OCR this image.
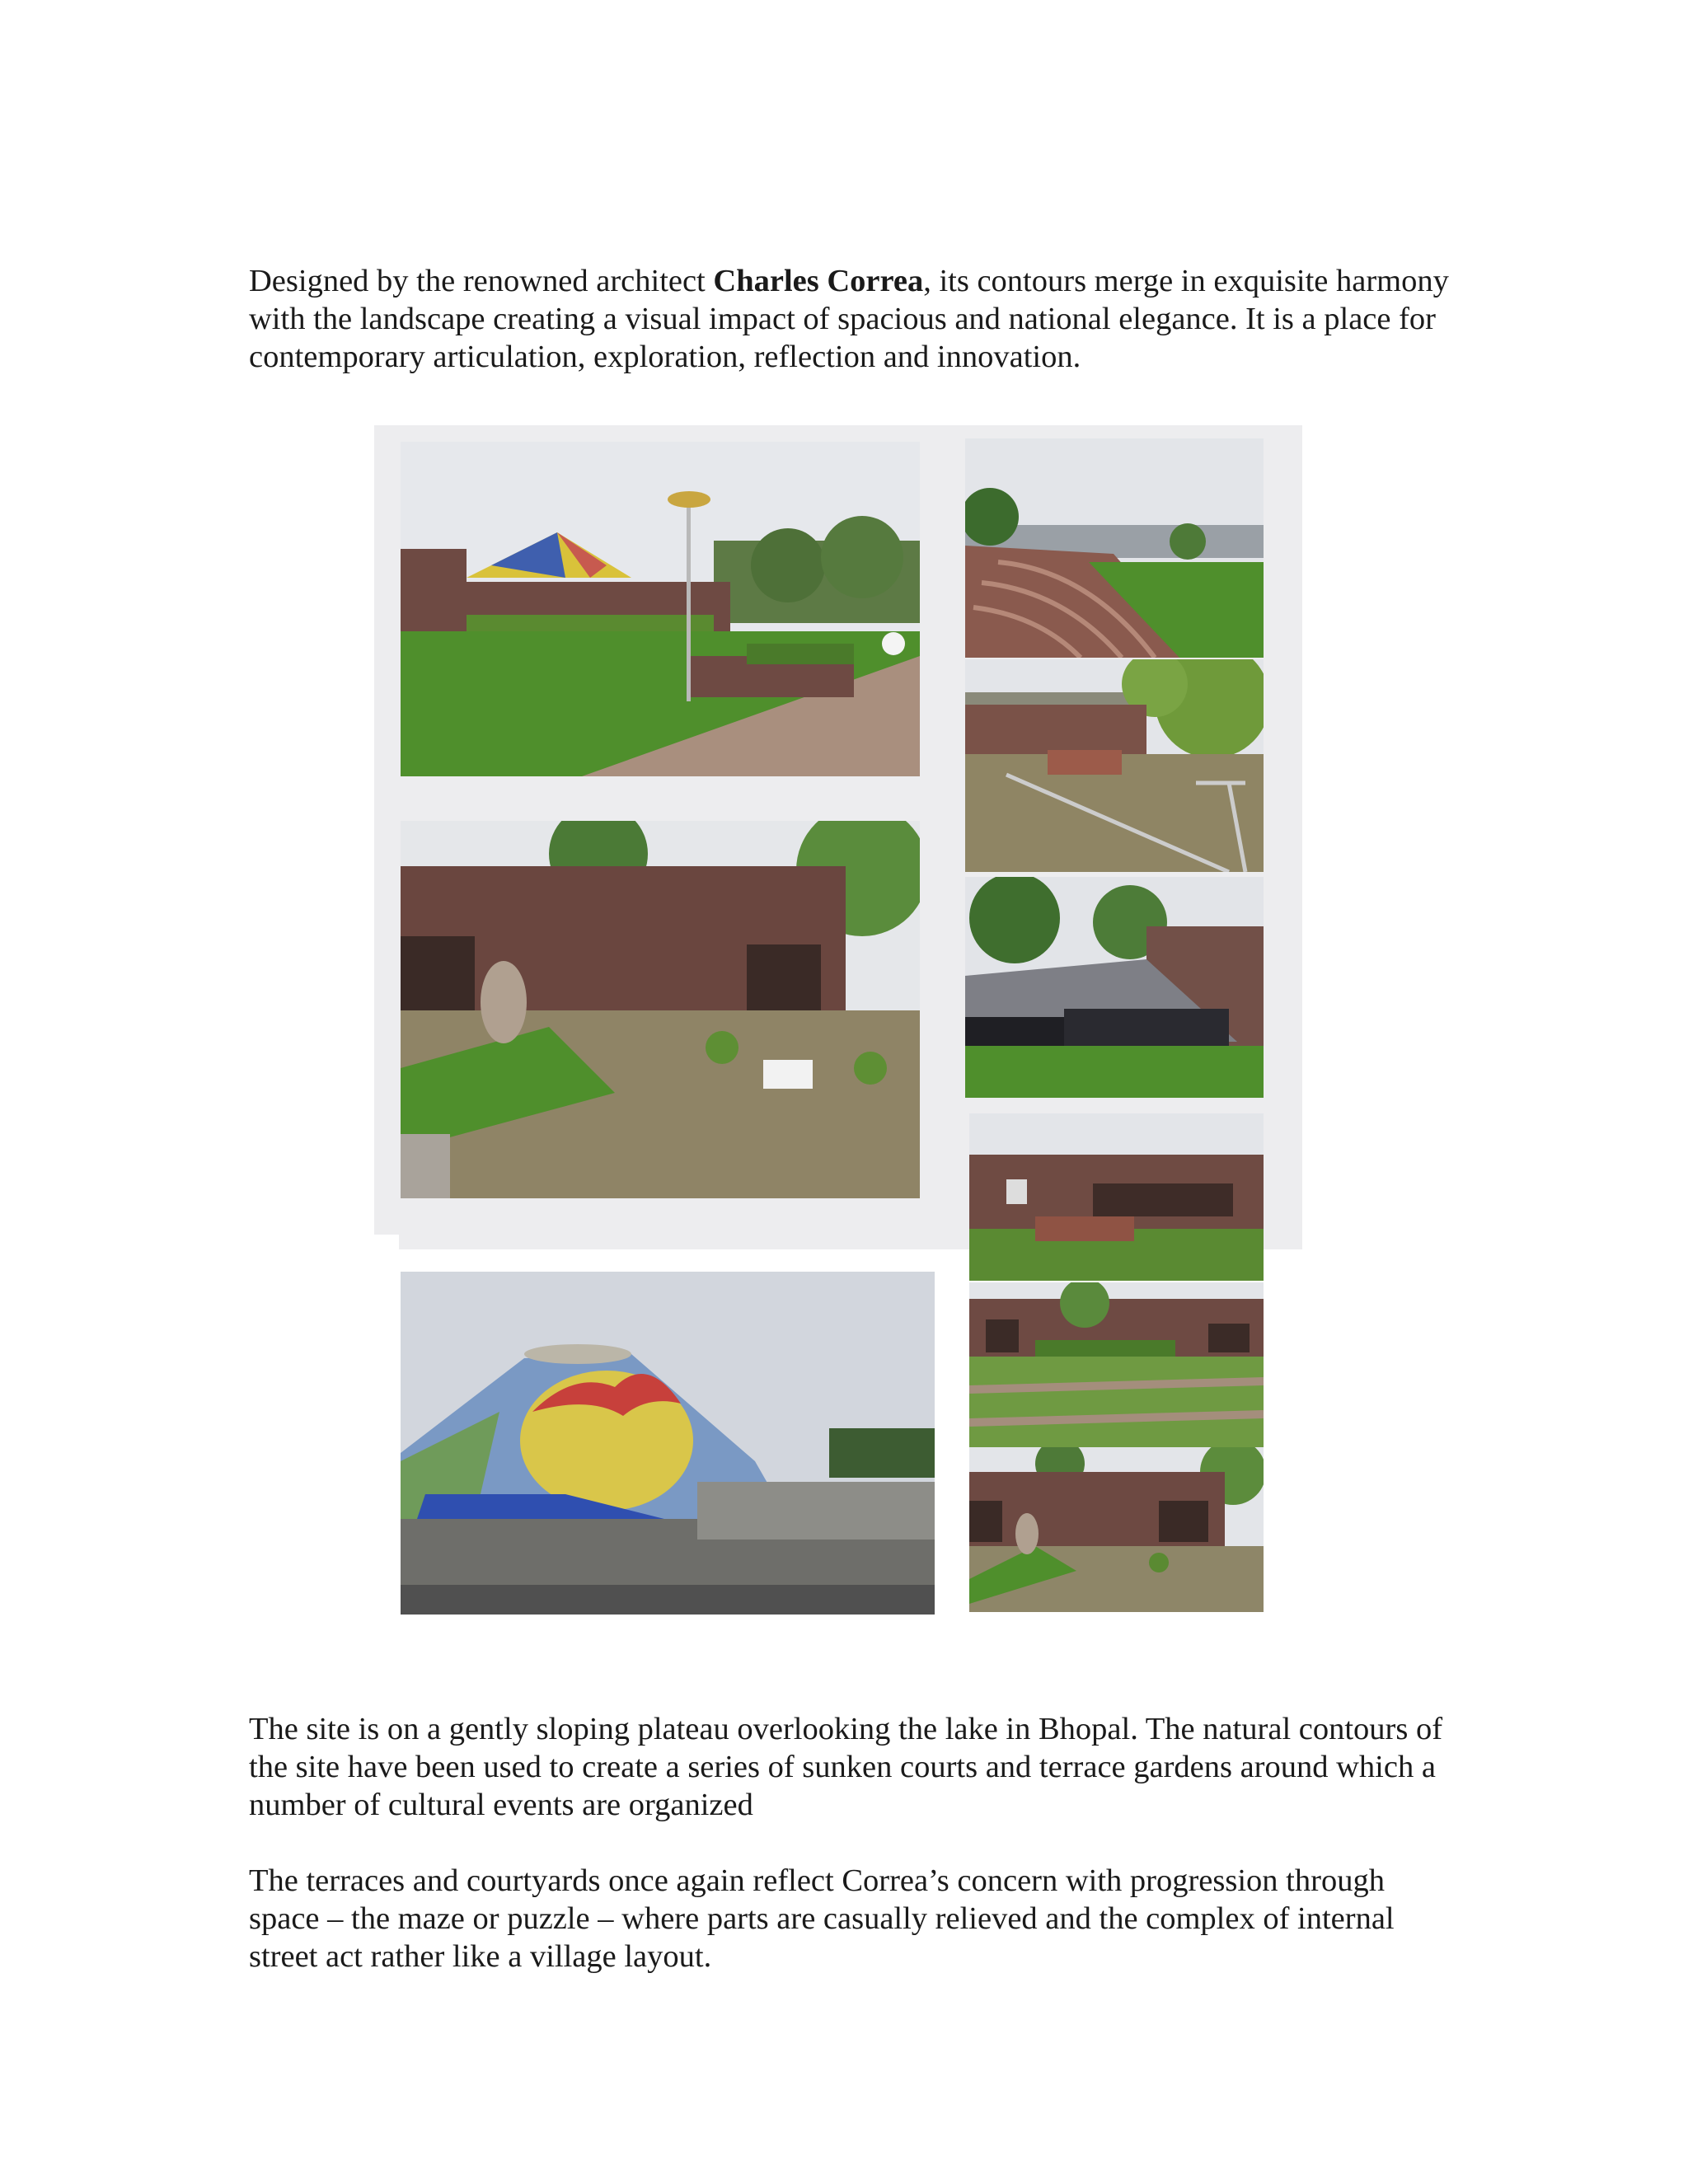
Designed by the renowned architect Charles Correa, its contours merge in exquisite harmony with the landscape creating a visual impact of spacious and national elegance. It is a place for contemporary articulation, exploration, reflection and innovation.

The site is on a gently sloping plateau overlooking the lake in Bhopal. The natural contours of the site have been used to create a series of sunken courts and terrace gardens around which a number of cultural events are organized

The terraces and courtyards once again reflect Correa’s concern with progression through space – the maze or puzzle – where parts are casually relieved and the complex of internal street act rather like a village layout.
